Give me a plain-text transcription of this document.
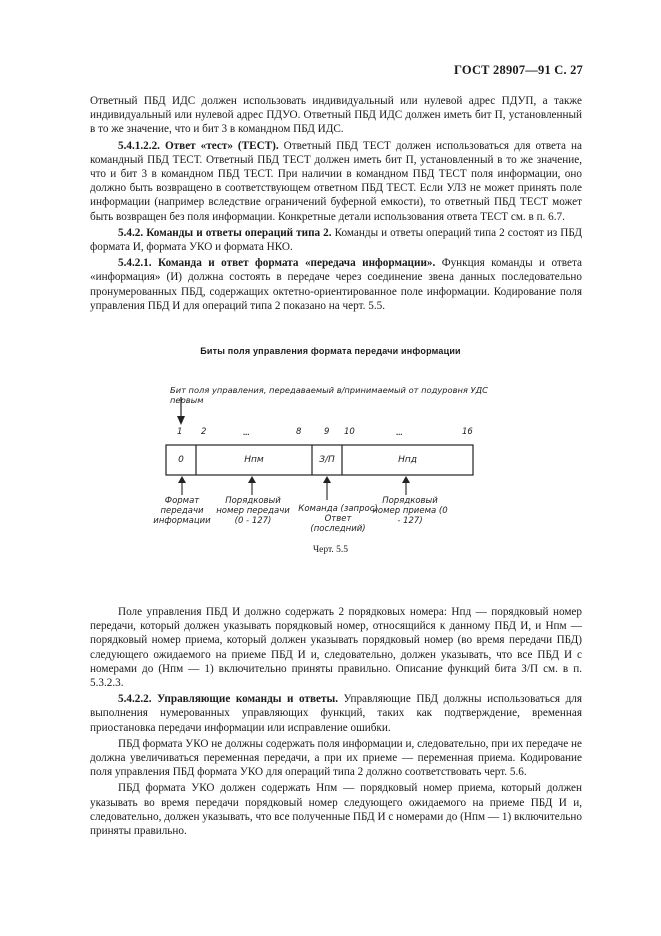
ГОСТ 28907—91 С. 27

Ответный ПБД ИДС должен использовать индивидуальный или нулевой адрес ПДУП, а также индивидуальный или нулевой адрес ПДУО. Ответный ПБД ИДС должен иметь бит П, установленный в то же значение, что и бит 3 в командном ПБД ИДС.

5.4.1.2.2. Ответ «тест» (ТЕСТ). Ответный ПБД ТЕСТ должен использоваться для ответа на командный ПБД ТЕСТ. Ответный ПБД ТЕСТ должен иметь бит П, установленный в то же значение, что и бит 3 в командном ПБД ТЕСТ. При наличии в командном ПБД ТЕСТ поля информации, оно должно быть возвращено в соответствующем ответном ПБД ТЕСТ. Если УЛЗ не может принять поле информации (например вследствие ограничений буферной емкости), то ответный ПБД ТЕСТ может быть возвращен без поля информации. Конкретные детали использования ответа ТЕСТ см. в п. 6.7.

5.4.2. Команды и ответы операций типа 2. Команды и ответы операций типа 2 состоят из ПБД формата И, формата УКО и формата НКО.

5.4.2.1. Команда и ответ формата «передача информации». Функция команды и ответа «информация» (И) должна состоять в передаче через соединение звена данных последовательно пронумерованных ПБД, содержащих октетно-ориентированное поле информации. Кодирование поля управления ПБД И для операций типа 2 показано на черт. 5.5.

Биты поля управления формата передачи информации
Бит поля управления, передаваемый в/принимаемый от подуровня УДС первым
1 2	...	8	9 10	...	16
0	Нпм	З/П	Нпд
Формат передачи информации
Порядковый номер передачи (0 - 127)
Команда (запрос) Ответ (последний)
Порядковый номер приема (0 - 127)
Черт. 5.5

Поле управления ПБД И должно содержать 2 порядковых номера: Нпд — порядковый номер передачи, который должен указывать порядковый номер, относящийся к данному ПБД И, и Нпм — порядковый номер приема, который должен указывать порядковый номер (во время передачи ПБД) следующего ожидаемого на приеме ПБД И и, следовательно, должен указывать, что все ПБД И с номерами до (Нпм — 1) включительно приняты правильно. Описание функций бита З/П см. в п. 5.3.2.3.

5.4.2.2. Управляющие команды и ответы. Управляющие ПБД должны использоваться для выполнения нумерованных управляющих функций, таких как подтверждение, временная приостановка передачи информации или исправление ошибки.

ПБД формата УКО не должны содержать поля информации и, следовательно, при их передаче не должна увеличиваться переменная передачи, а при их приеме — переменная приема. Кодирование поля управления ПБД формата УКО для операций типа 2 должно соответствовать черт. 5.6.

ПБД формата УКО должен содержать Нпм — порядковый номер приема, который должен указывать во время передачи порядковый номер следующего ожидаемого на приеме ПБД И и, следовательно, должен указывать, что все полученные ПБД И с номерами до (Нпм — 1) включительно приняты правильно.
